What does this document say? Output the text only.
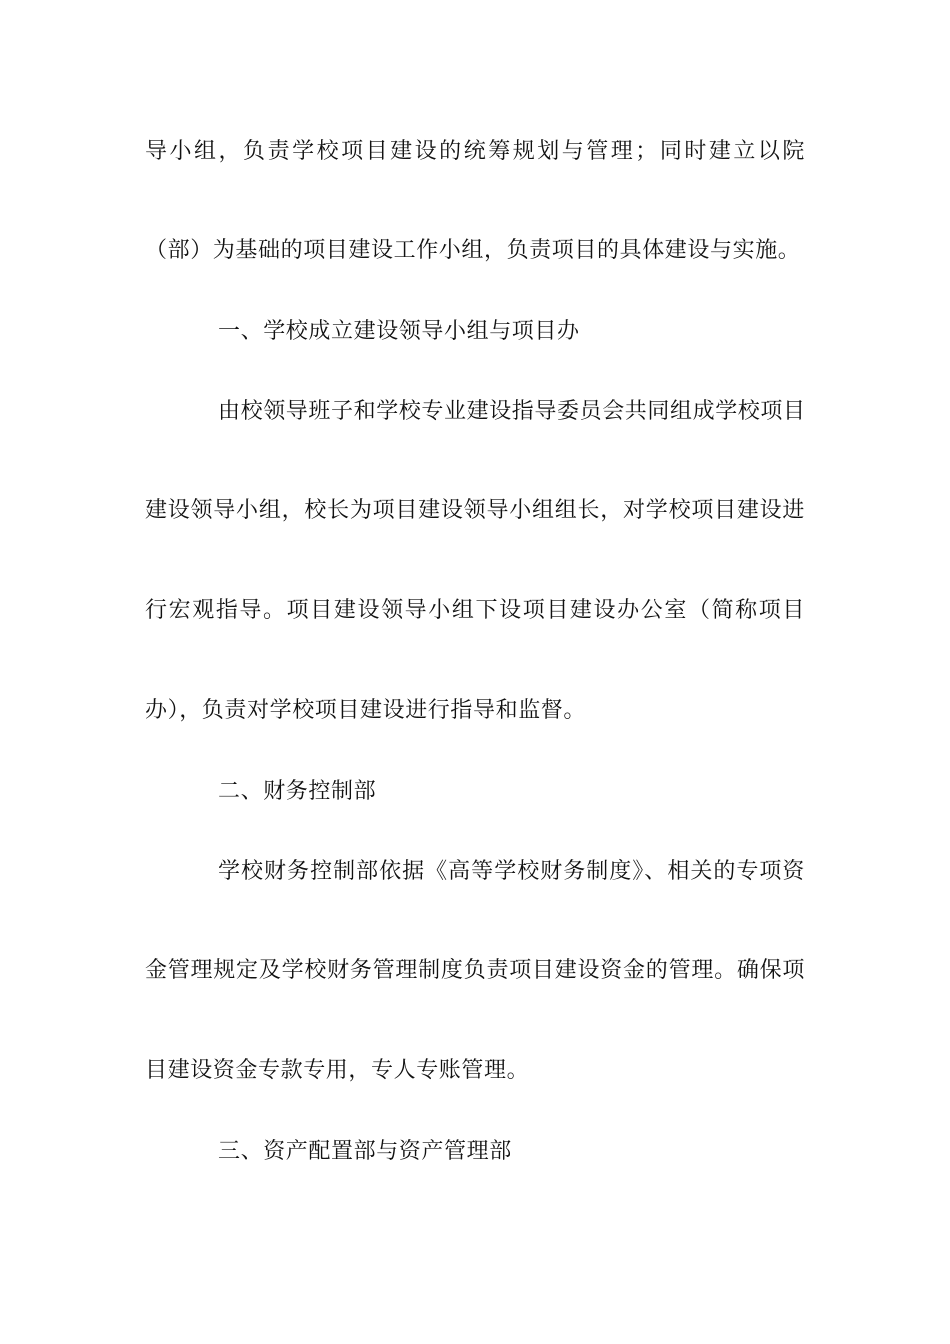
导小组，负责学校项目建设的统筹规划与管理；同时建立以院
（部）为基础的项目建设工作小组，负责项目的具体建设与实施。
一、学校成立建设领导小组与项目办
由校领导班子和学校专业建设指导委员会共同组成学校项目
建设领导小组，校长为项目建设领导小组组长，对学校项目建设进
行宏观指导。项目建设领导小组下设项目建设办公室（简称项目
办），负责对学校项目建设进行指导和监督。
二、财务控制部
学校财务控制部依据《高等学校财务制度》、相关的专项资
金管理规定及学校财务管理制度负责项目建设资金的管理。确保项
目建设资金专款专用，专人专账管理。
三、资产配置部与资产管理部
